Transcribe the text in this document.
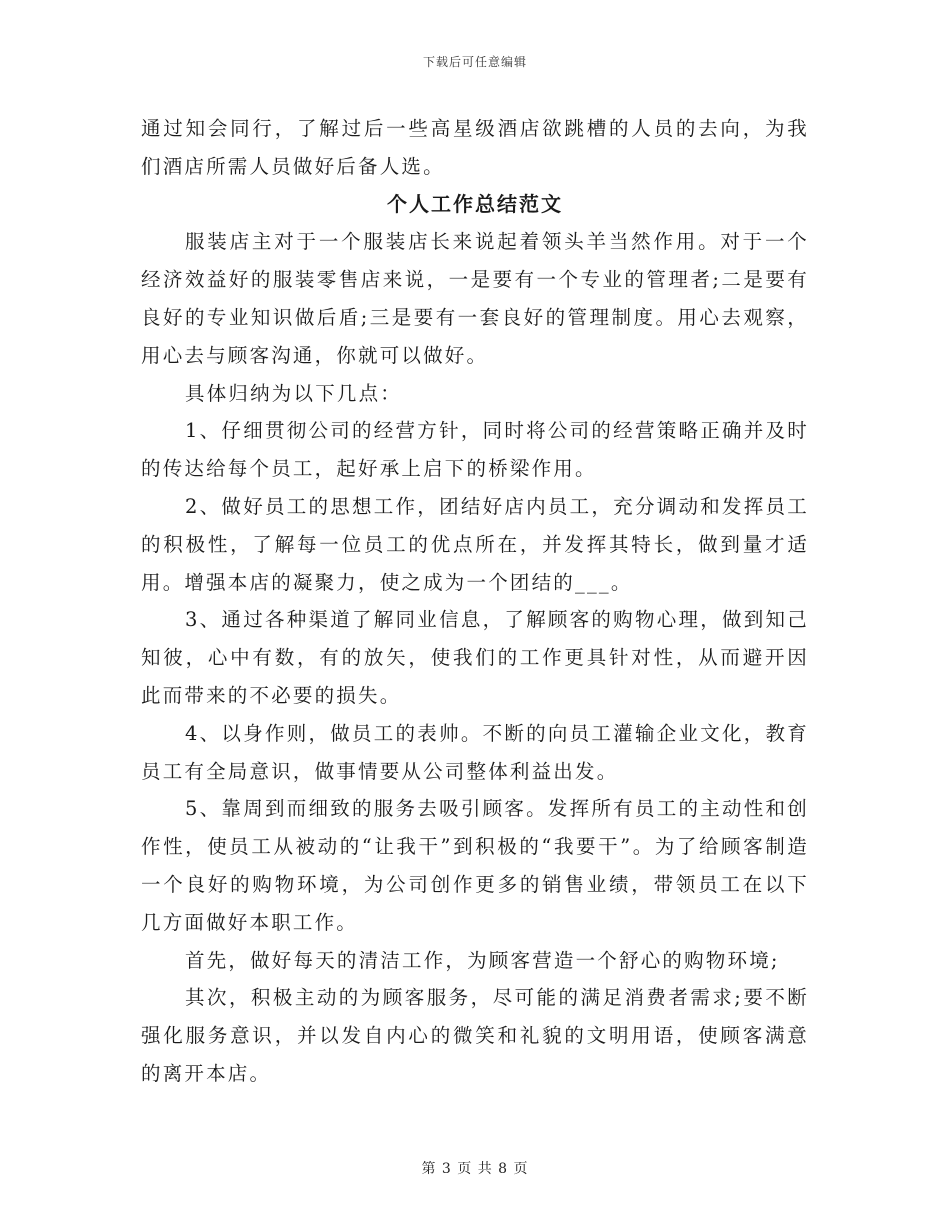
下载后可任意编辑

通过知会同行，了解过后一些高星级酒店欲跳槽的人员的去向，为我们酒店所需人员做好后备人选。

个人工作总结范文

服装店主对于一个服装店长来说起着领头羊当然作用。对于一个经济效益好的服装零售店来说，一是要有一个专业的管理者;二是要有良好的专业知识做后盾;三是要有一套良好的管理制度。用心去观察，用心去与顾客沟通，你就可以做好。

具体归纳为以下几点：

1、仔细贯彻公司的经营方针，同时将公司的经营策略正确并及时的传达给每个员工，起好承上启下的桥梁作用。

2、做好员工的思想工作，团结好店内员工，充分调动和发挥员工的积极性，了解每一位员工的优点所在，并发挥其特长，做到量才适用。增强本店的凝聚力，使之成为一个团结的___。

3、通过各种渠道了解同业信息，了解顾客的购物心理，做到知己知彼，心中有数，有的放矢，使我们的工作更具针对性，从而避开因此而带来的不必要的损失。

4、以身作则，做员工的表帅。不断的向员工灌输企业文化，教育员工有全局意识，做事情要从公司整体利益出发。

5、靠周到而细致的服务去吸引顾客。发挥所有员工的主动性和创作性，使员工从被动的“让我干”到积极的“我要干”。为了给顾客制造一个良好的购物环境，为公司创作更多的销售业绩，带领员工在以下几方面做好本职工作。

首先，做好每天的清洁工作，为顾客营造一个舒心的购物环境;

其次，积极主动的为顾客服务，尽可能的满足消费者需求;要不断强化服务意识，并以发自内心的微笑和礼貌的文明用语，使顾客满意的离开本店。

第 3 页 共 8 页
